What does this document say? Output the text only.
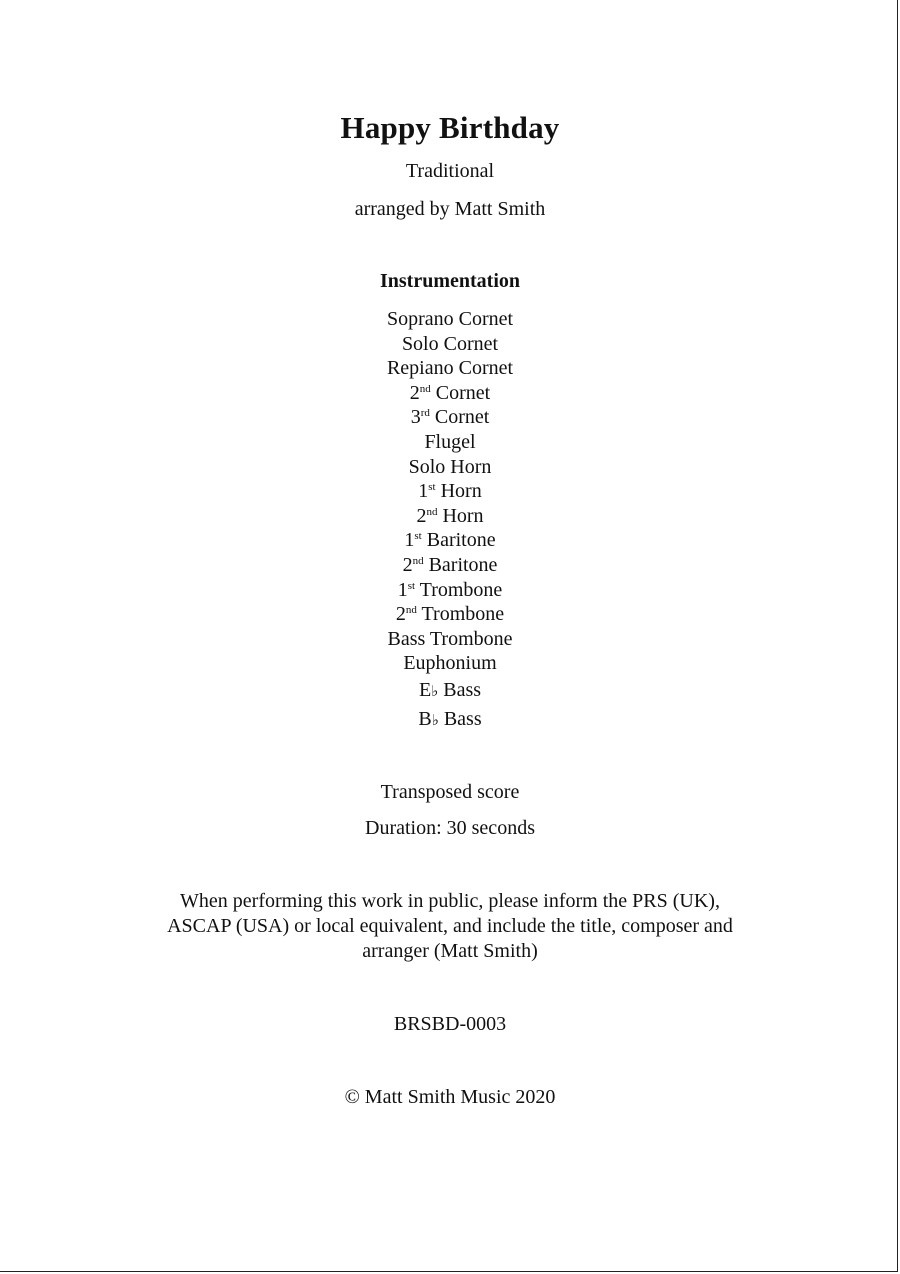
Happy Birthday
Traditional
arranged by Matt Smith
Instrumentation
Soprano Cornet
Solo Cornet
Repiano Cornet
2nd Cornet
3rd Cornet
Flugel
Solo Horn
1st Horn
2nd Horn
1st Baritone
2nd Baritone
1st Trombone
2nd Trombone
Bass Trombone
Euphonium
E♭ Bass
B♭ Bass
Transposed score
Duration: 30 seconds
When performing this work in public, please inform the PRS (UK),
ASCAP (USA) or local equivalent, and include the title, composer and
arranger (Matt Smith)
BRSBD-0003
© Matt Smith Music 2020
